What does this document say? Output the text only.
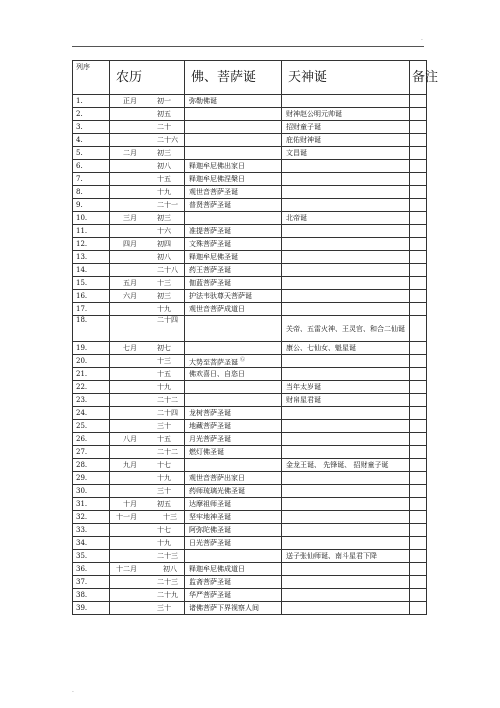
·
·
列序	农历	佛、菩萨诞	天神诞	备注
1.	正月 初一	弥勒佛诞		
2.	初五		财神赵公明元帅诞	
3.	二十		招财童子诞	
4.	二十六		庇佑财神诞	
5.	二月 初三		文昌诞	
6.	初八	释迦牟尼佛出家日		
7.	十五	释迦牟尼佛涅槃日		
8.	十九	观世音菩萨圣诞		
9.	二十一	普贤菩萨圣诞		
10.	三月 初三		北帝诞	
11.	十六	准提菩萨圣诞		
12.	四月 初四	文殊菩萨圣诞		
13.	初八	释迦牟尼佛圣诞		
14.	二十八	药王菩萨圣诞		
15.	五月 十三	伽蓝菩萨圣诞		
16.	六月 初三	护法韦驮尊天菩萨诞		
17.	十九	观世音菩萨成道日		
18.	二十四		关帝、五雷火神、王灵官、和合二仙诞	
19.	七月 初七		康公、七仙女、魁星诞	
20.	十三	大势至菩萨圣诞 Ⓖ		
21.	十五	佛欢喜日、自恣日		
22.	十九		当年太岁诞	
23.	二十二		财帛星君诞	
24.	二十四	龙树菩萨圣诞		
25.	三十	地藏菩萨圣诞		
26.	八月 十五	月光菩萨圣诞		
27.	二十二	燃灯佛圣诞		
28.	九月 十七		金龙王诞、 先锋诞、 招财童子诞	
29.	十九	观世音菩萨出家日		
30.	三十	药师琉璃光佛圣诞		
31.	十月 初五	达摩祖师圣诞		
32.	十一月 十三	坚牢地神圣诞		
33.	十七	阿弥陀佛圣诞		
34.	十九	日光菩萨圣诞		
35.	二十三		送子张仙师诞、南斗星君下降	
36.	十二月 初八	释迦牟尼佛成道日		
37.	二十三	监斋菩萨圣诞		
38.	二十九	华严菩萨圣诞		
39.	三十	诸佛菩萨下界视察人间		
